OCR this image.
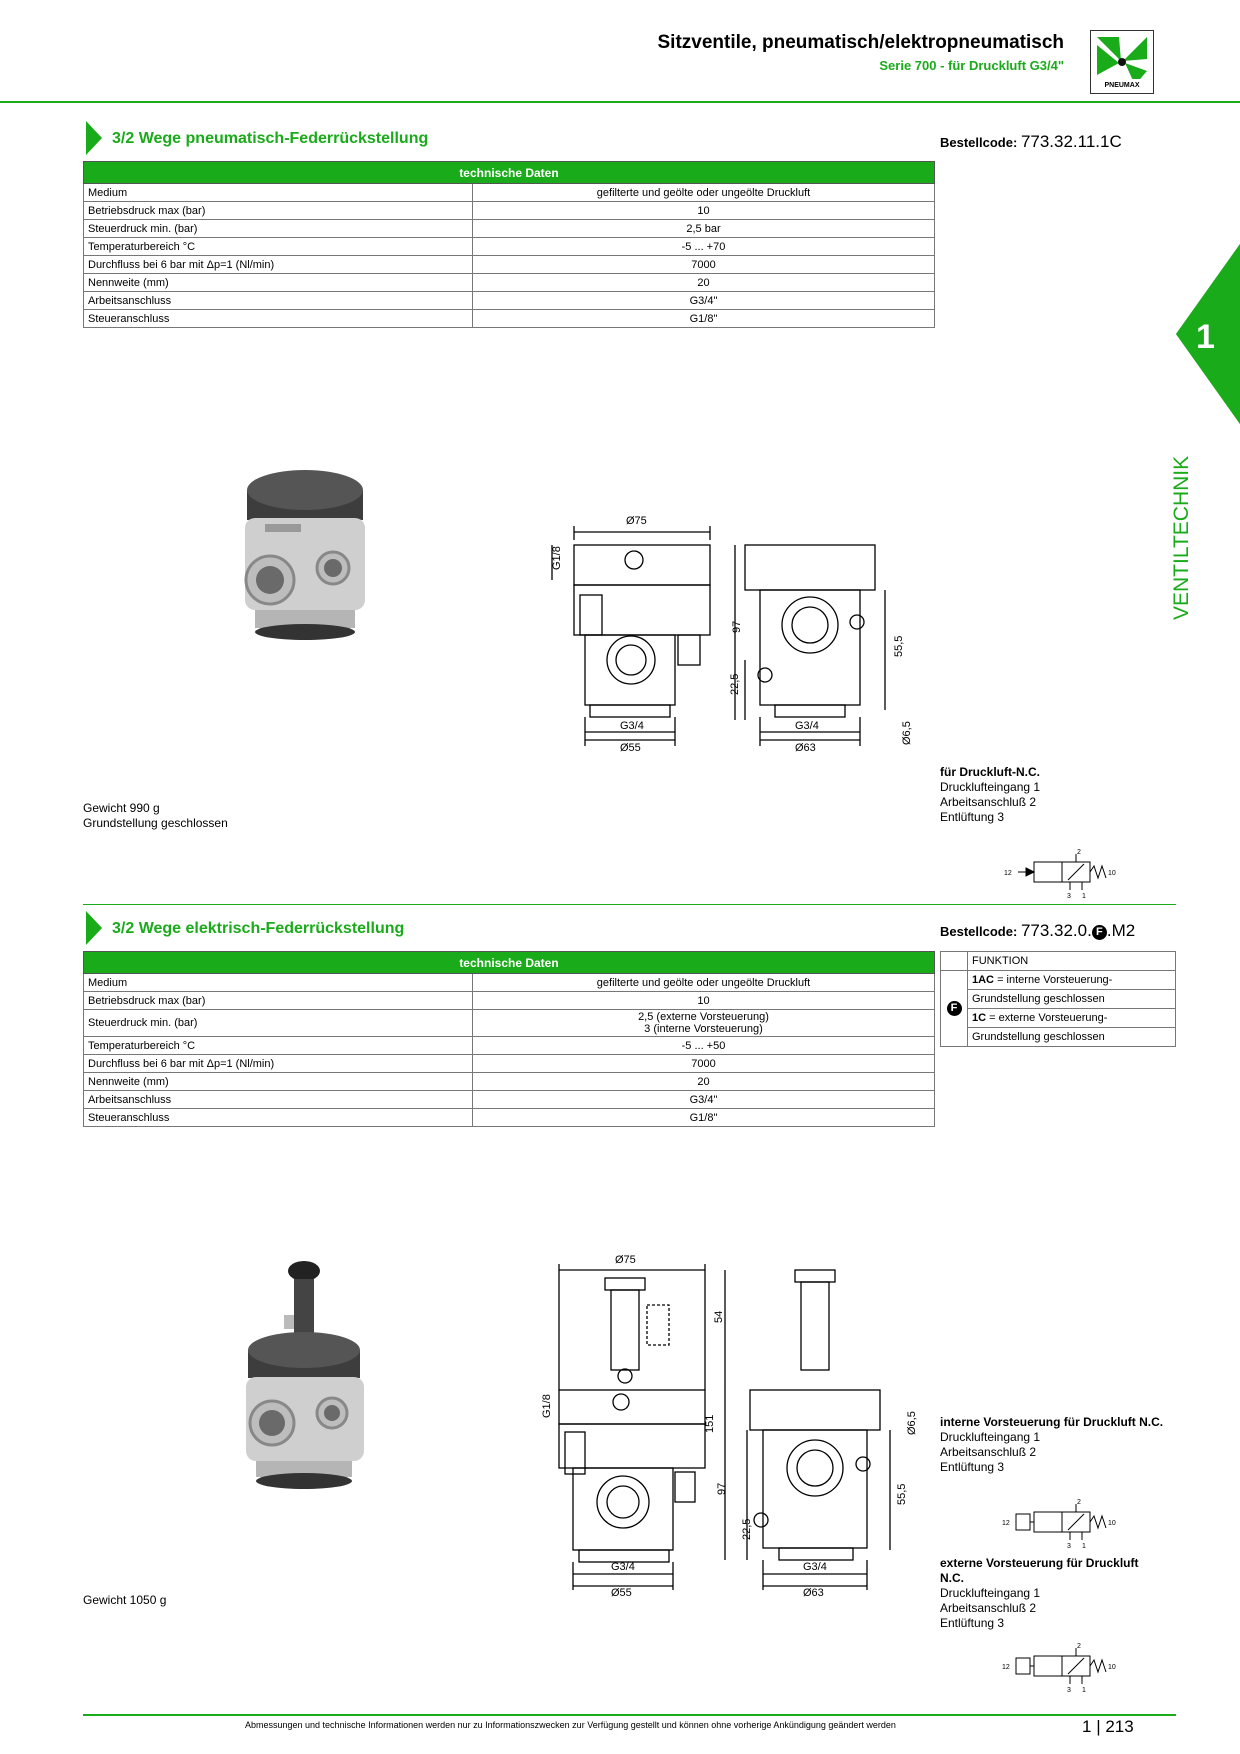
Sitzventile, pneumatisch/elektropneumatisch
Serie 700 - für Druckluft G3/4"
PNEUMAX
1
VENTILTECHNIK
3/2 Wege pneumatisch-Federrückstellung	Bestellcode: 773.32.11.1C
technische Daten	
Medium	gefilterte und geölte oder ungeölte Druckluft
Betriebsdruck max (bar)	10
Steuerdruck min. (bar)	2,5 bar
Temperaturbereich °C	-5 ... +70
Durchfluss bei 6 bar mit Δp=1 (Nl/min)	7000
Nennweite (mm)	20
Arbeitsanschluss	G3/4"
Steueranschluss	G1/8"
Ø75
G1/8
G3/4
Ø55
97
Ø6,5
55,5
22,5
G3/4
Ø63
Gewicht 990 g
Grundstellung geschlossen
für Druckluft-N.C.
Drucklufteingang 1
Arbeitsanschluß 2
Entlüftung 3
12	10
2
3 1
3/2 Wege elektrisch-Federrückstellung	Bestellcode: 773.32.0. F .M2
technische Daten	
Medium	gefilterte und geölte oder ungeölte Druckluft
Betriebsdruck max (bar)	10
Steuerdruck min. (bar)	2,5 (externe Vorsteuerung)
3 (interne Vorsteuerung)
Temperaturbereich °C	-5 ... +50
Durchfluss bei 6 bar mit Δp=1 (Nl/min)	7000
Nennweite (mm)	20
Arbeitsanschluss	G3/4"
Steueranschluss	G1/8"
	FUNKTION
F	1AC = interne Vorsteuerung-
	Grundstellung geschlossen
	1C = externe Vorsteuerung-
	Grundstellung geschlossen
Ø75
G1/8
54
151	Ø6,5
97	55,5
22,5
G3/4
Ø55
G3/4
Ø63
Gewicht 1050 g
interne Vorsteuerung für Druckluft N.C.
Drucklufteingang 1
Arbeitsanschluß 2
Entlüftung 3
12	10
2
3 1
externe Vorsteuerung für Druckluft
N.C.
Drucklufteingang 1
Arbeitsanschluß 2
Entlüftung 3
12	10
2
3 1
Abmessungen und technische Informationen werden nur zu Informationszwecken zur Verfügung gestellt und können ohne vorherige Ankündigung geändert werden	1 | 213
